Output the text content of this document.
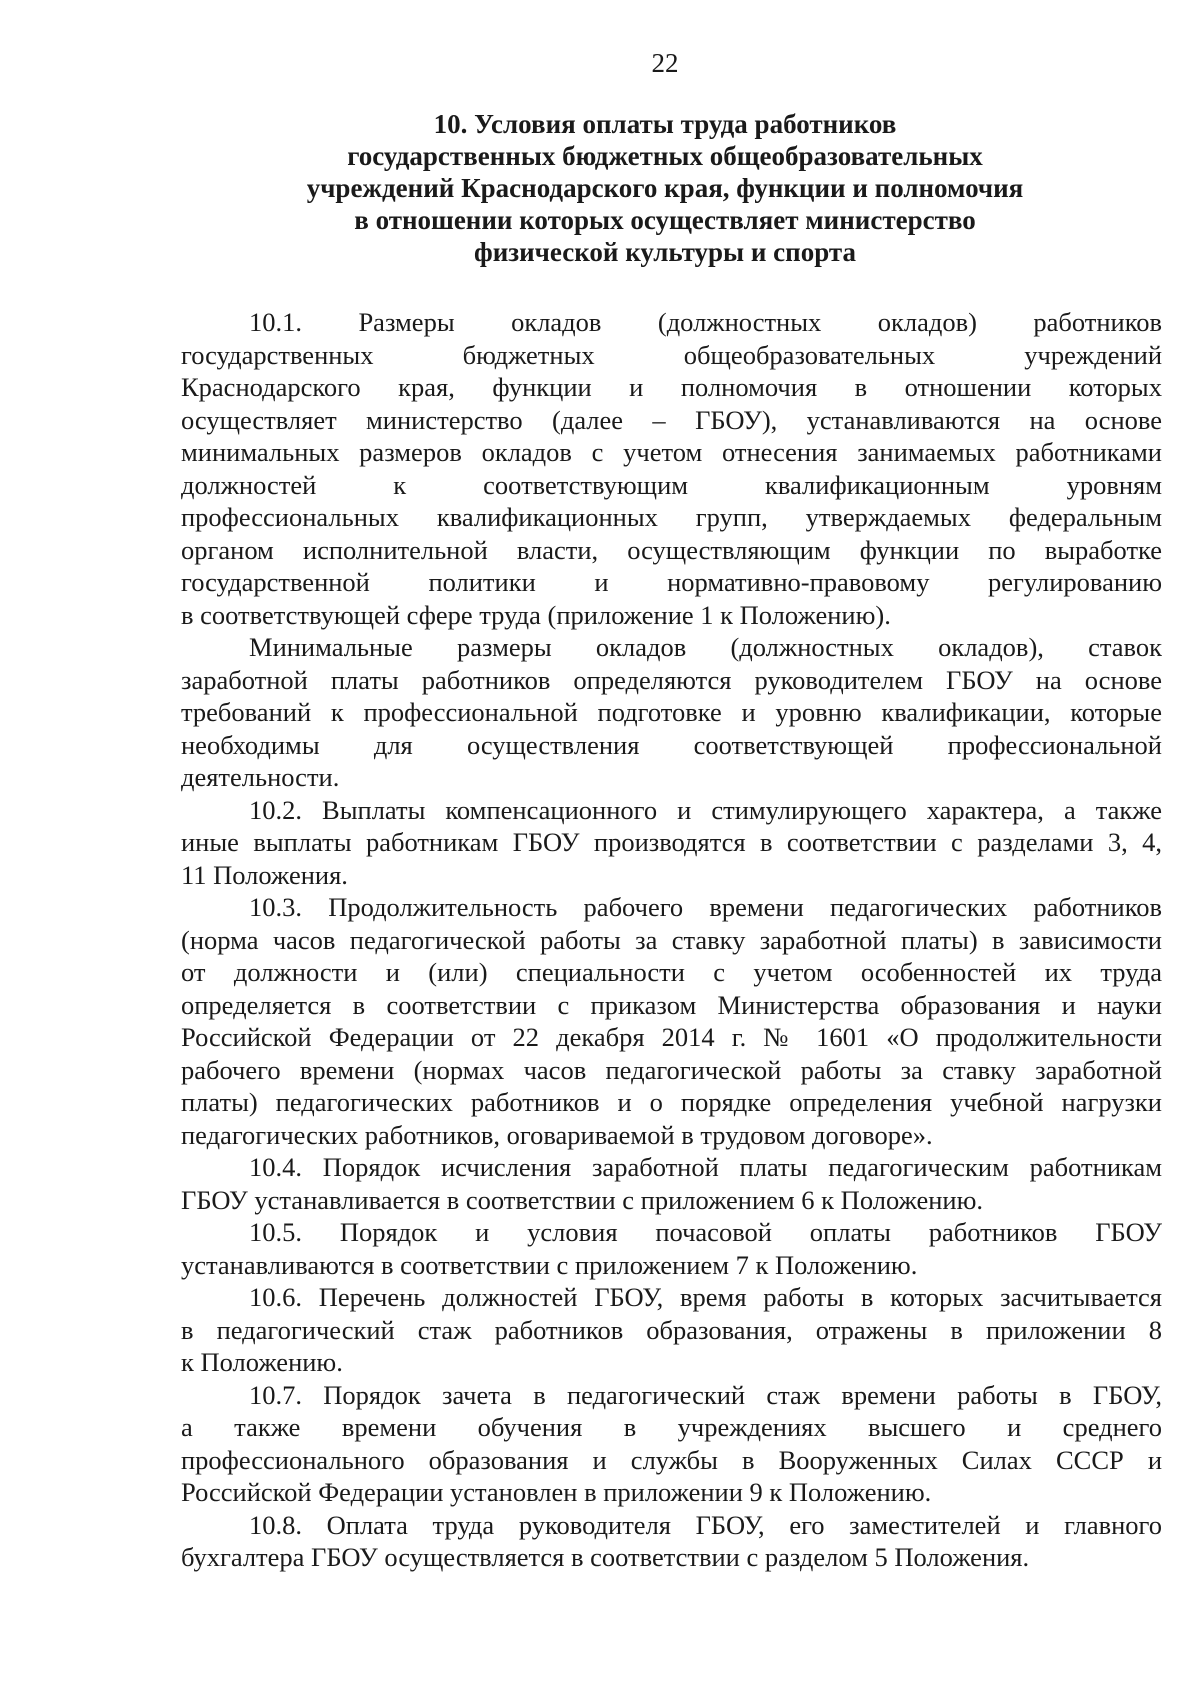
22
10. Условия оплаты труда работников
государственных бюджетных общеобразовательных
учреждений Краснодарского края, функции и полномочия
в отношении которых осуществляет министерство
физической культуры и спорта
10.1. Размеры окладов (должностных окладов) работников
государственных бюджетных общеобразовательных учреждений
Краснодарского края, функции и полномочия в отношении которых
осуществляет министерство (далее – ГБОУ), устанавливаются на основе
минимальных размеров окладов с учетом отнесения занимаемых работниками
должностей к соответствующим квалификационным уровням
профессиональных квалификационных групп, утверждаемых федеральным
органом исполнительной власти, осуществляющим функции по выработке
государственной политики и нормативно-правовому регулированию
в соответствующей сфере труда (приложение 1 к Положению).
Минимальные размеры окладов (должностных окладов), ставок
заработной платы работников определяются руководителем ГБОУ на основе
требований к профессиональной подготовке и уровню квалификации, которые
необходимы для осуществления соответствующей профессиональной
деятельности.
10.2. Выплаты компенсационного и стимулирующего характера, а также
иные выплаты работникам ГБОУ производятся в соответствии с разделами 3, 4,
11 Положения.
10.3. Продолжительность рабочего времени педагогических работников
(норма часов педагогической работы за ставку заработной платы) в зависимости
от должности и (или) специальности с учетом особенностей их труда
определяется в соответствии с приказом Министерства образования и науки
Российской Федерации от 22 декабря 2014 г. № 1601 «О продолжительности
рабочего времени (нормах часов педагогической работы за ставку заработной
платы) педагогических работников и о порядке определения учебной нагрузки
педагогических работников, оговариваемой в трудовом договоре».
10.4. Порядок исчисления заработной платы педагогическим работникам
ГБОУ устанавливается в соответствии с приложением 6 к Положению.
10.5. Порядок и условия почасовой оплаты работников ГБОУ
устанавливаются в соответствии с приложением 7 к Положению.
10.6. Перечень должностей ГБОУ, время работы в которых засчитывается
в педагогический стаж работников образования, отражены в приложении 8
к Положению.
10.7. Порядок зачета в педагогический стаж времени работы в ГБОУ,
а также времени обучения в учреждениях высшего и среднего
профессионального образования и службы в Вооруженных Силах СССР и
Российской Федерации установлен в приложении 9 к Положению.
10.8. Оплата труда руководителя ГБОУ, его заместителей и главного
бухгалтера ГБОУ осуществляется в соответствии с разделом 5 Положения.
